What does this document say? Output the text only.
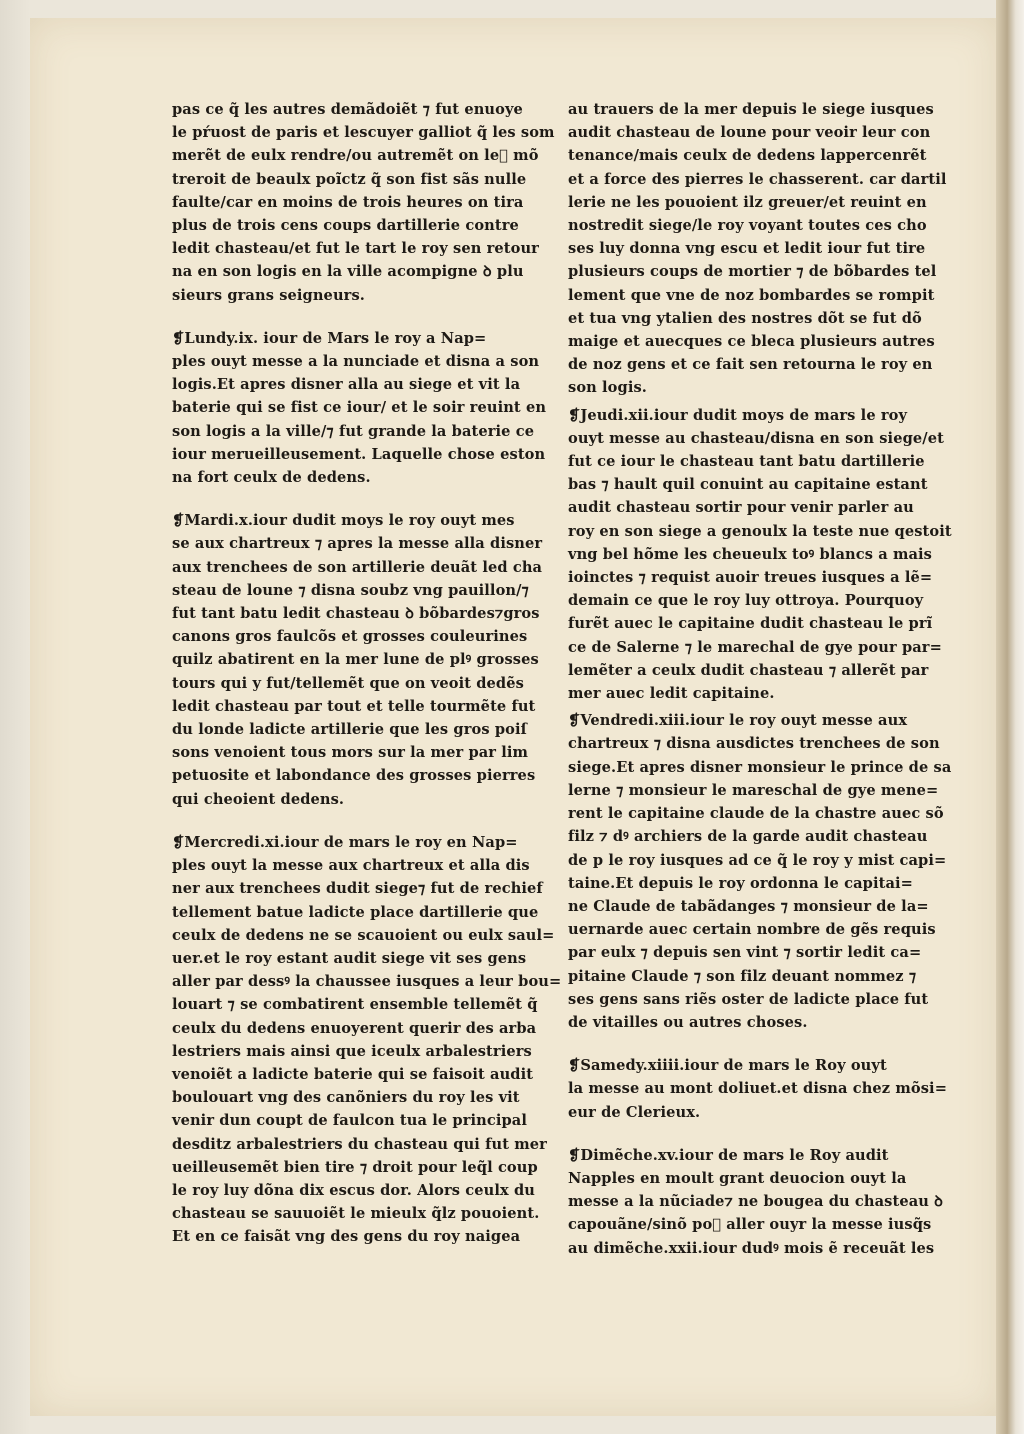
pas ce q̃ les autres demãdoiẽt ⁊ fut enuoye
le pŕuost de paris et lescuyer galliot q̃ les som
merẽt de eulx rendre/ou autremẽt on le᷑ mõ
treroit de beaulx poĩctz q̃ son fist sãs nulle
faulte/car en moins de trois heures on tira
plus de trois cens coups dartillerie contre
ledit chasteau/et fut le tart le roy sen retour
na en son logis en la ville acompigne ꝺ plu
sieurs grans seigneurs.
❡Lundy.ix. iour de Mars le roy a Nap=
ples ouyt messe a la nunciade et disna a son
logis.Et apres disner alla au siege et vit la
baterie qui se fist ce iour/ et le soir reuint en
son logis a la ville/⁊ fut grande la baterie ce
iour merueilleusement. Laquelle chose eston
na fort ceulx de dedens.
❡Mardi.x.iour dudit moys le roy ouyt mes
se aux chartreux ⁊ apres la messe alla disner
aux trenchees de son artillerie deuãt led cha
steau de loune ⁊ disna soubz vng pauillon/⁊
fut tant batu ledit chasteau ꝺ bõbardes⁊gros
canons gros faulcõs et grosses couleurines
quilz abatirent en la mer lune de plꝰ grosses
tours qui y fut/tellemẽt que on veoit dedẽs
ledit chasteau par tout et telle tourmẽte fut
du londe ladicte artillerie que les gros poiſ
sons venoient tous mors sur la mer par lim
petuosite et labondance des grosses pierres
qui cheoient dedens.
❡Mercredi.xi.iour de mars le roy en Nap=
ples ouyt la messe aux chartreux et alla dis
ner aux trenchees dudit siege⁊ fut de rechief
tellement batue ladicte place dartillerie que
ceulx de dedens ne se scauoient ou eulx saul=
uer.et le roy estant audit siege vit ses gens
aller par dessꝰ la chaussee iusques a leur bou=
louart ⁊ se combatirent ensemble tellemẽt q̃
ceulx du dedens enuoyerent querir des arba
lestriers mais ainsi que iceulx arbalestriers
venoiẽt a ladicte baterie qui se faisoit audit
boulouart vng des canõniers du roy les vit
venir dun coupt de faulcon tua le principal
desditz arbalestriers du chasteau qui fut mer
ueilleusemẽt bien tire ⁊ droit pour leq̃l coup
le roy luy dõna dix escus dor. Alors ceulx du
chasteau se sauuoiẽt le mieulx q̃lz pouoient.
Et en ce faisãt vng des gens du roy naigea
au trauers de la mer depuis le siege iusques
audit chasteau de loune pour veoir leur con
tenance/mais ceulx de dedens lappercenrẽt
et a force des pierres le chasserent. car dartil
lerie ne les pouoient ilz greuer/et reuint en
nostredit siege/le roy voyant toutes ces cho
ses luy donna vng escu et ledit iour fut tire
plusieurs coups de mortier ⁊ de bõbardes tel
lement que vne de noz bombardes se rompit
et tua vng ytalien des nostres dõt se fut dõ
maige et auecques ce bleca plusieurs autres
de noz gens et ce fait sen retourna le roy en
son logis.
❡Jeudi.xii.iour dudit moys de mars le roy
ouyt messe au chasteau/disna en son siege/et
fut ce iour le chasteau tant batu dartillerie
bas ⁊ hault quil conuint au capitaine estant
audit chasteau sortir pour venir parler au
roy en son siege a genoulx la teste nue qestoit
vng bel hõme les cheueulx toꝰ blancs a mais
ioinctes ⁊ requist auoir treues iusques a lẽ=
demain ce que le roy luy ottroya. Pourquoy
furẽt auec le capitaine dudit chasteau le prĩ
ce de Salerne ⁊ le marechal de gye pour par=
lemẽter a ceulx dudit chasteau ⁊ allerẽt par
mer auec ledit capitaine.
❡Vendredi.xiii.iour le roy ouyt messe aux
chartreux ⁊ disna ausdictes trenchees de son
siege.Et apres disner monsieur le prince de sa
lerne ⁊ monsieur le mareschal de gye mene=
rent le capitaine claude de la chastre auec sõ
filz ⁊ dꝰ archiers de la garde audit chasteau
de p le roy iusques ad ce q̃ le roy y mist capi=
taine.Et depuis le roy ordonna le capitai=
ne Claude de tabãdanges ⁊ monsieur de la=
uernarde auec certain nombre de gẽs requis
par eulx ⁊ depuis sen vint ⁊ sortir ledit ca=
pitaine Claude ⁊ son filz deuant nommez ⁊
ses gens sans riẽs oster de ladicte place fut
de vitailles ou autres choses.
❡Samedy.xiiii.iour de mars le Roy ouyt
la messe au mont doliuet.et disna chez mõsi=
eur de Clerieux.
❡Dimẽche.xv.iour de mars le Roy audit
Napples en moult grant deuocion ouyt la
messe a la nũciade⁊ ne bougea du chasteau ꝺ
capouãne/sinõ poᷣ aller ouyr la messe iusq̃s
au dimẽche.xxii.iour dudꝰ mois ẽ receuãt les
